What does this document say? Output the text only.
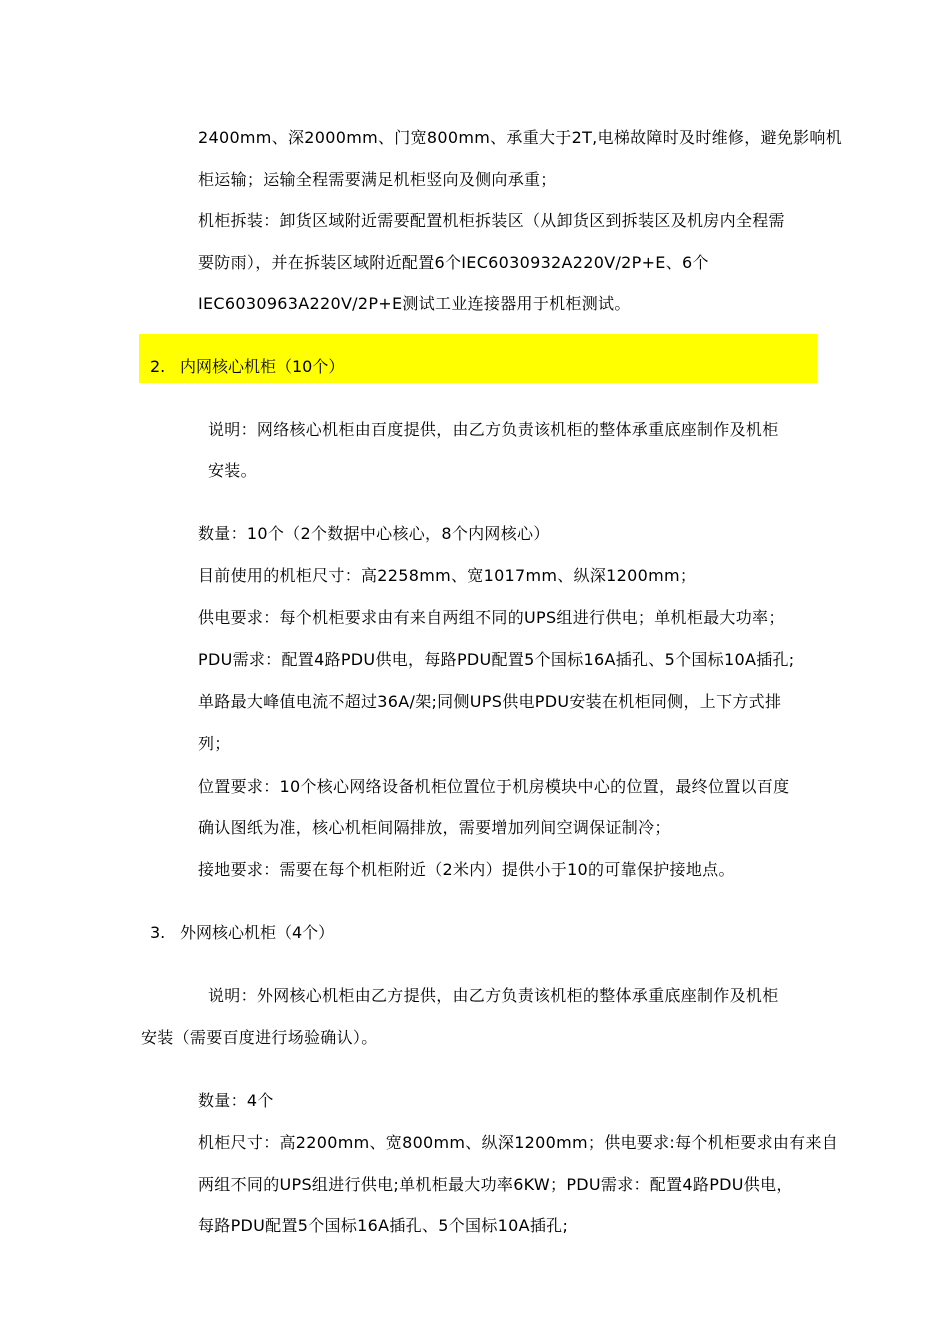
2400mm、深2000mm、门宽800mm、承重大于2T,电梯故障时及时维修，避免影响机
柜运输；运输全程需要满足机柜竖向及侧向承重；
机柜拆装：卸货区域附近需要配置机柜拆装区（从卸货区到拆装区及机房内全程需
要防雨），并在拆装区域附近配置6个IEC6030932A220V/2P+E、6个
IEC6030963A220V/2P+E测试工业连接器用于机柜测试。
2. 内网核心机柜（10个）
说明：网络核心机柜由百度提供，由乙方负责该机柜的整体承重底座制作及机柜
安装。
数量：10个（2个数据中心核心，8个内网核心）
目前使用的机柜尺寸：高2258mm、宽1017mm、纵深1200mm；
供电要求：每个机柜要求由有来自两组不同的UPS组进行供电；单机柜最大功率；
PDU需求：配置4路PDU供电，每路PDU配置5个国标16A插孔、5个国标10A插孔;
单路最大峰值电流不超过36A/架;同侧UPS供电PDU安装在机柜同侧，上下方式排
列；
位置要求：10个核心网络设备机柜位置位于机房模块中心的位置，最终位置以百度
确认图纸为准，核心机柜间隔排放，需要增加列间空调保证制冷；
接地要求：需要在每个机柜附近（2米内）提供小于10的可靠保护接地点。
3. 外网核心机柜（4个）
说明：外网核心机柜由乙方提供，由乙方负责该机柜的整体承重底座制作及机柜
安装（需要百度进行场验确认）。
数量：4个
机柜尺寸：高2200mm、宽800mm、纵深1200mm；供电要求:每个机柜要求由有来自
两组不同的UPS组进行供电;单机柜最大功率6KW；PDU需求：配置4路PDU供电，
每路PDU配置5个国标16A插孔、5个国标10A插孔;
